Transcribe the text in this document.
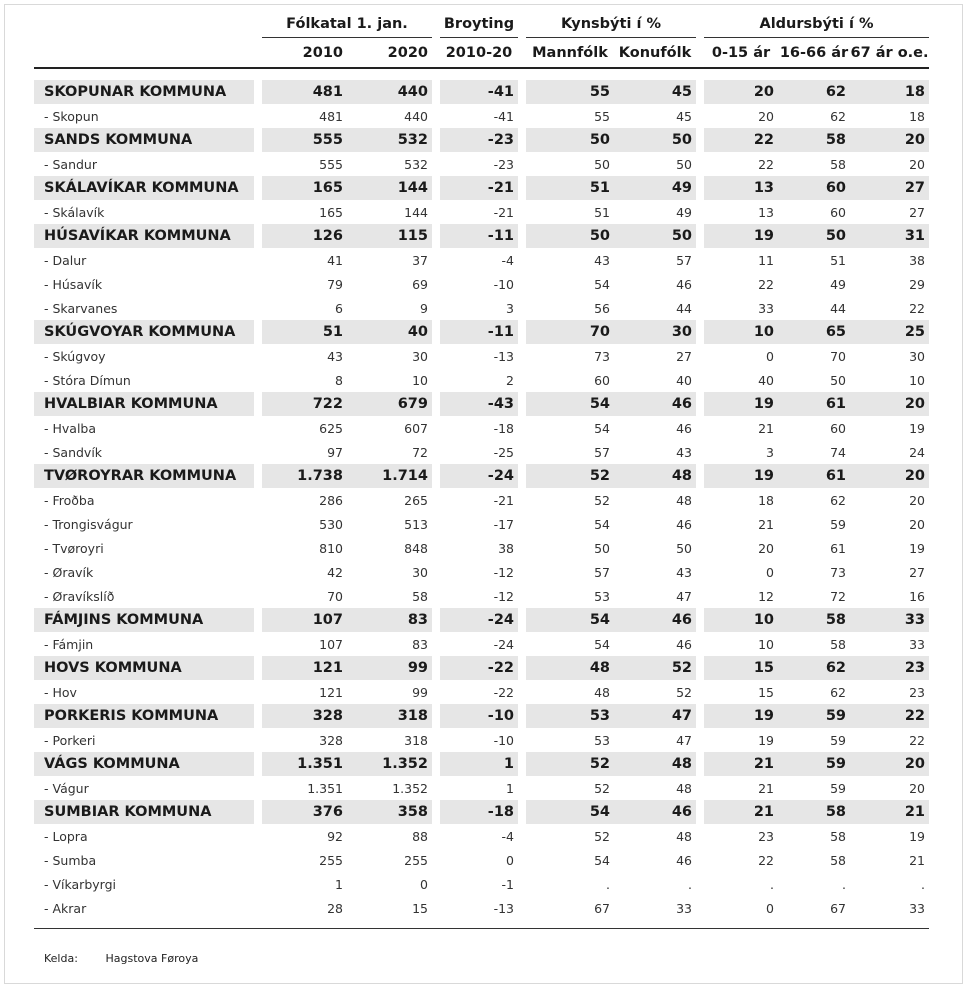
		Fólkatal 1. jan.			Broyting		Kynsbýti í %			Aldursbýti í %		
		2010	2020		2010-20		Mannfólk	Konufólk		0-15 ár	16-66 ár	67 ár o.e.

SKOPUNAR KOMMUNA		481	440		-41		55	45		20	62	18
- Skopun		481	440		-41		55	45		20	62	18
SANDS KOMMUNA		555	532		-23		50	50		22	58	20
- Sandur		555	532		-23		50	50		22	58	20
SKÁLAVÍKAR KOMMUNA		165	144		-21		51	49		13	60	27
- Skálavík		165	144		-21		51	49		13	60	27
HÚSAVÍKAR KOMMUNA		126	115		-11		50	50		19	50	31
- Dalur		41	37		-4		43	57		11	51	38
- Húsavík		79	69		-10		54	46		22	49	29
- Skarvanes		6	9		3		56	44		33	44	22
SKÚGVOYAR KOMMUNA		51	40		-11		70	30		10	65	25
- Skúgvoy		43	30		-13		73	27		0	70	30
- Stóra Dímun		8	10		2		60	40		40	50	10
HVALBIAR KOMMUNA		722	679		-43		54	46		19	61	20
- Hvalba		625	607		-18		54	46		21	60	19
- Sandvík		97	72		-25		57	43		3	74	24
TVØROYRAR KOMMUNA		1.738	1.714		-24		52	48		19	61	20
- Froðba		286	265		-21		52	48		18	62	20
- Trongisvágur		530	513		-17		54	46		21	59	20
- Tvøroyri		810	848		38		50	50		20	61	19
- Øravík		42	30		-12		57	43		0	73	27
- Øravíkslíð		70	58		-12		53	47		12	72	16
FÁMJINS KOMMUNA		107	83		-24		54	46		10	58	33
- Fámjin		107	83		-24		54	46		10	58	33
HOVS KOMMUNA		121	99		-22		48	52		15	62	23
- Hov		121	99		-22		48	52		15	62	23
PORKERIS KOMMUNA		328	318		-10		53	47		19	59	22
- Porkeri		328	318		-10		53	47		19	59	22
VÁGS KOMMUNA		1.351	1.352		1		52	48		21	59	20
- Vágur		1.351	1.352		1		52	48		21	59	20
SUMBIAR KOMMUNA		376	358		-18		54	46		21	58	21
- Lopra		92	88		-4		52	48		23	58	19
- Sumba		255	255		0		54	46		22	58	21
- Víkarbyrgi		1	0		-1		.	.		.	.	.
- Akrar		28	15		-13		67	33		0	67	33

Kelda:	Hagstova Føroya
